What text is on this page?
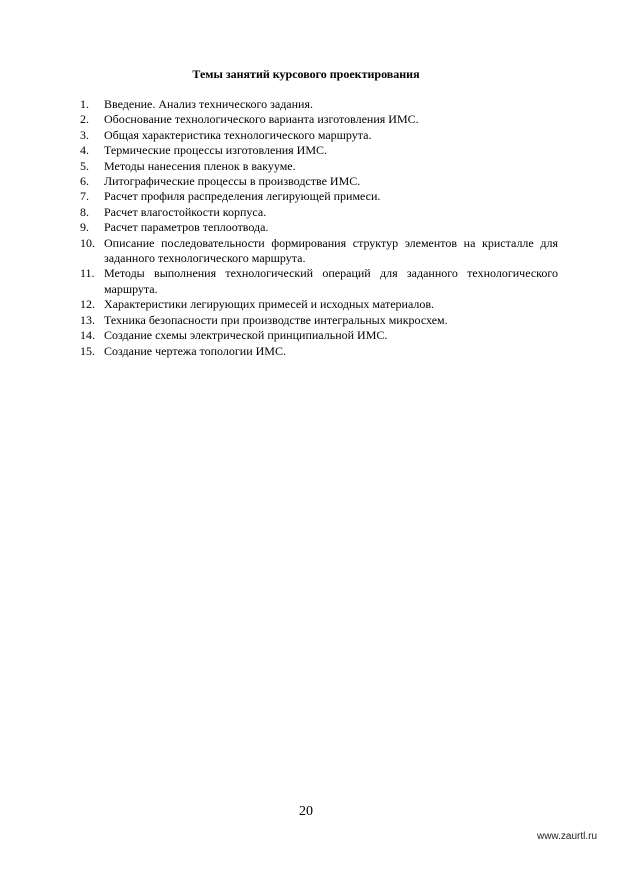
Темы занятий курсового проектирования
1.	Введение. Анализ технического задания.
2.	Обоснование технологического варианта изготовления ИМС.
3.	Общая характеристика технологического маршрута.
4.	Термические процессы изготовления ИМС.
5.	Методы нанесения пленок в вакууме.
6.	Литографические процессы в производстве ИМС.
7.	Расчет профиля распределения легирующей примеси.
8.	Расчет влагостойкости корпуса.
9.	Расчет параметров теплоотвода.
10. Описание последовательности формирования структур элементов на кристалле для заданного технологического маршрута.
11. Методы выполнения технологический операций для заданного технологического маршрута.
12. Характеристики легирующих примесей и исходных материалов.
13. Техника безопасности при производстве интегральных микросхем.
14. Создание схемы электрической принципиальной ИМС.
15. Создание чертежа топологии ИМС.
20
www.zaurtl.ru
